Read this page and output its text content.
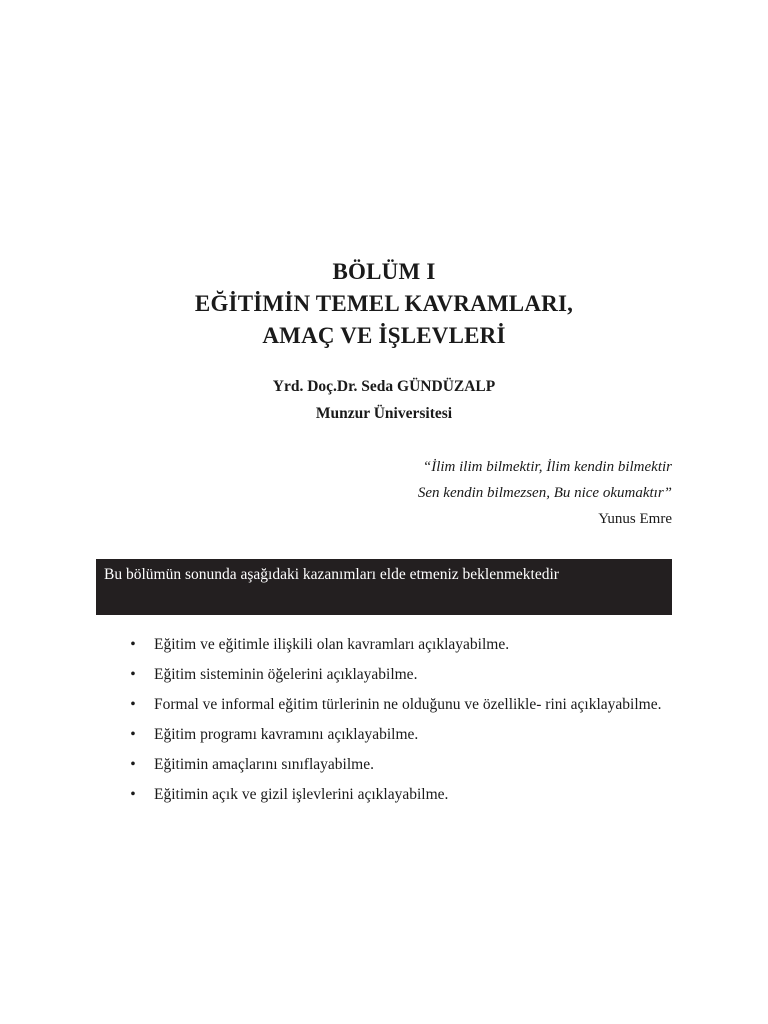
BÖLÜM I
EĞİTİMİN TEMEL KAVRAMLARI,
AMAÇ VE İŞLEVLERİ
Yrd. Doç.Dr. Seda GÜNDÜZALP
Munzur Üniversitesi
“İlim ilim bilmektir, İlim kendin bilmektir
Sen kendin bilmezsen, Bu nice okumaktır”
Yunus Emre
Bu bölümün sonunda aşağıdaki kazanımları elde etmeniz beklenmektedir
• Eğitim ve eğitimle ilişkili olan kavramları açıklayabilme.
• Eğitim sisteminin öğelerini açıklayabilme.
• Formal ve informal eğitim türlerinin ne olduğunu ve özellikle- rini açıklayabilme.
• Eğitim programı kavramını açıklayabilme.
• Eğitimin amaçlarını sınıflayabilme.
• Eğitimin açık ve gizil işlevlerini açıklayabilme.
